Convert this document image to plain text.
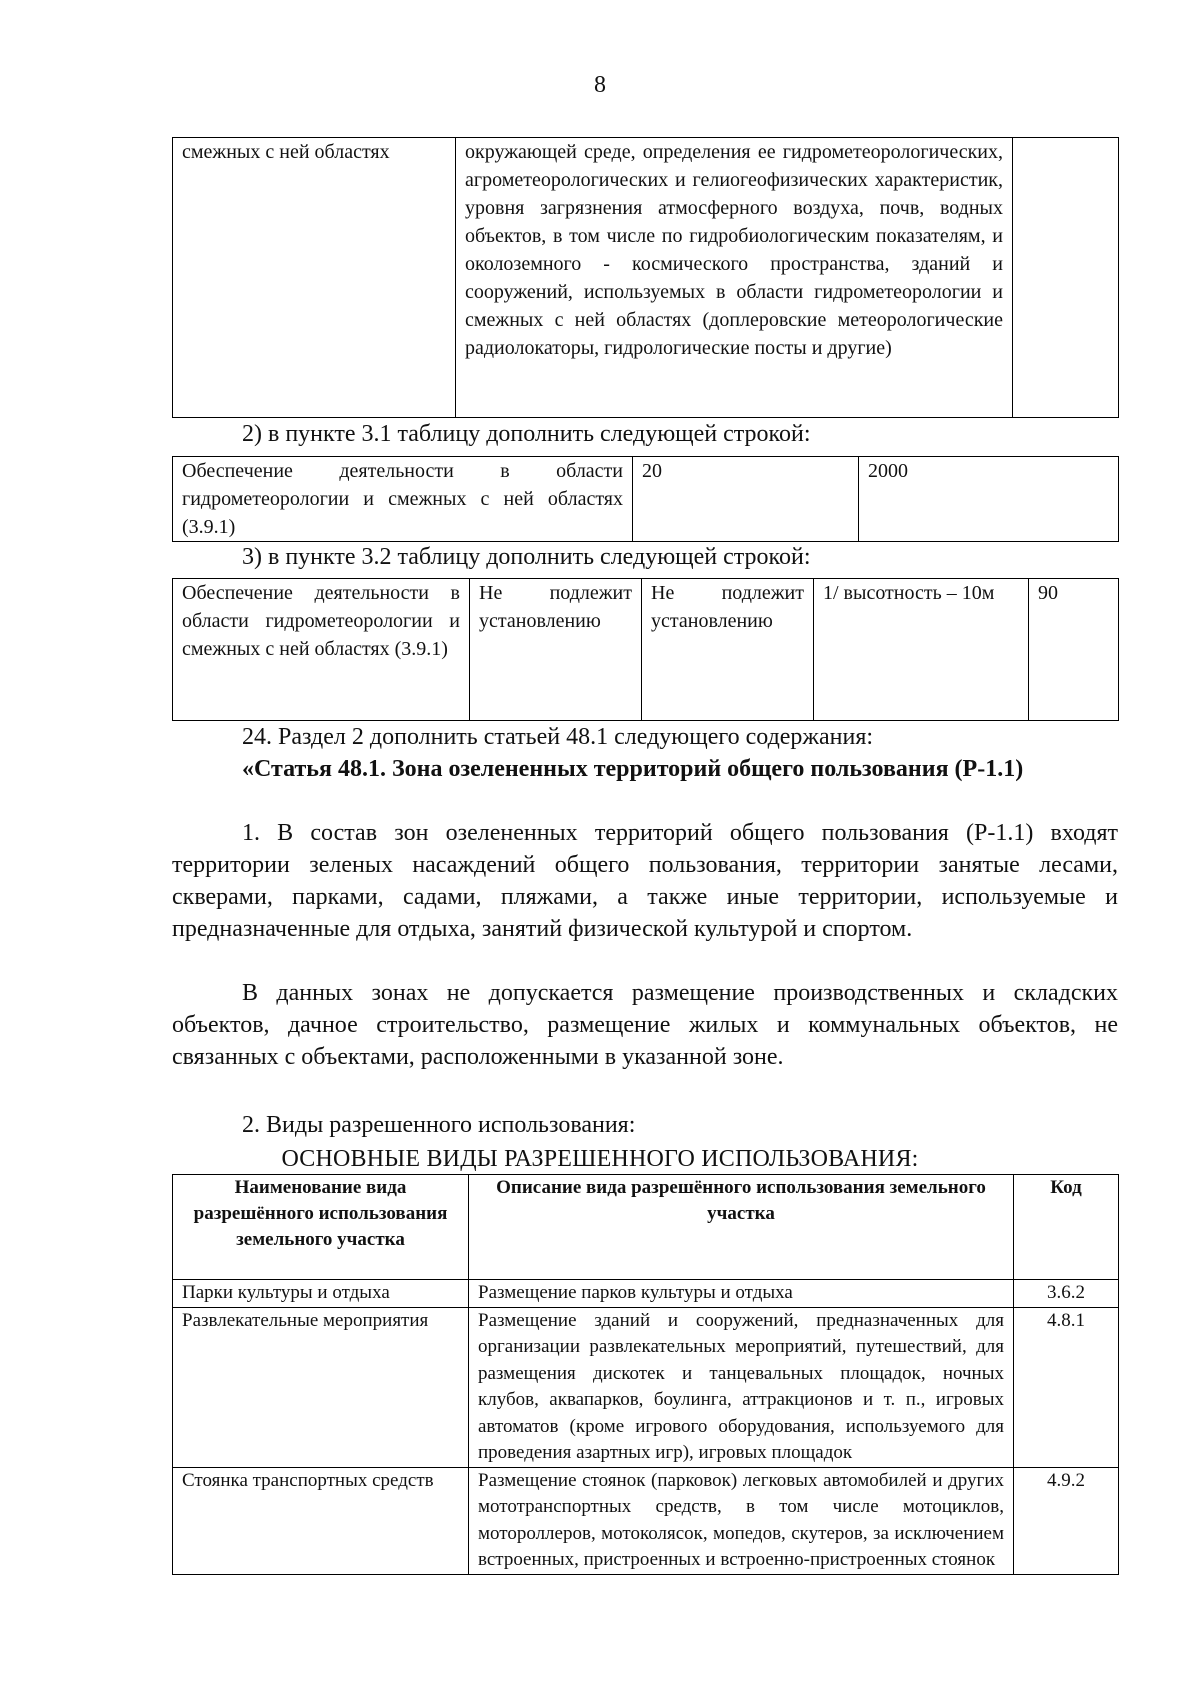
8
смежных с ней областях	окружающей среде, определения ее гидрометеорологических, агрометеорологических и гелиогеофизических характеристик, уровня загрязнения атмосферного воздуха, почв, водных объектов, в том числе по гидробиологическим показателям, и околоземного - космического пространства, зданий и сооружений, используемых в области гидрометеорологии и смежных с ней областях (доплеровские метеорологические радиолокаторы, гидрологические посты и другие)	
2) в пункте 3.1 таблицу дополнить следующей строкой:
Обеспечение деятельности в области гидрометеорологии и смежных с ней областях (3.9.1)	20	2000
3) в пункте 3.2 таблицу дополнить следующей строкой:
Обеспечение деятельности в области гидрометеорологии и смежных с ней областях (3.9.1)	Не подлежит установлению	Не подлежит установлению	1/ высотность – 10м	90
24. Раздел 2 дополнить статьей 48.1 следующего содержания:
«Статья 48.1. Зона озелененных территорий общего пользования (Р-1.1)
1. В состав зон озелененных территорий общего пользования (Р-1.1) входят территории зеленых насаждений общего пользования, территории занятые лесами, скверами, парками, садами, пляжами, а также иные территории, используемые и предназначенные для отдыха, занятий физической культурой и спортом.
В данных зонах не допускается размещение производственных и складских объектов, дачное строительство, размещение жилых и коммунальных объектов, не связанных с объектами, расположенными в указанной зоне.
2. Виды разрешенного использования:
ОСНОВНЫЕ ВИДЫ РАЗРЕШЕННОГО ИСПОЛЬЗОВАНИЯ:
Наименование вида разрешённого использования земельного участка	Описание вида разрешённого использования земельного участка	Код
Парки культуры и отдыха	Размещение парков культуры и отдыха	3.6.2
Развлекательные мероприятия	Размещение зданий и сооружений, предназначенных для организации развлекательных мероприятий, путешествий, для размещения дискотек и танцевальных площадок, ночных клубов, аквапарков, боулинга, аттракционов и т. п., игровых автоматов (кроме игрового оборудования, используемого для проведения азартных игр), игровых площадок	4.8.1
Стоянка транспортных средств	Размещение стоянок (парковок) легковых автомобилей и других мототранспортных средств, в том числе мотоциклов, мотороллеров, мотоколясок, мопедов, скутеров, за исключением встроенных, пристроенных и встроенно-пристроенных стоянок	4.9.2
